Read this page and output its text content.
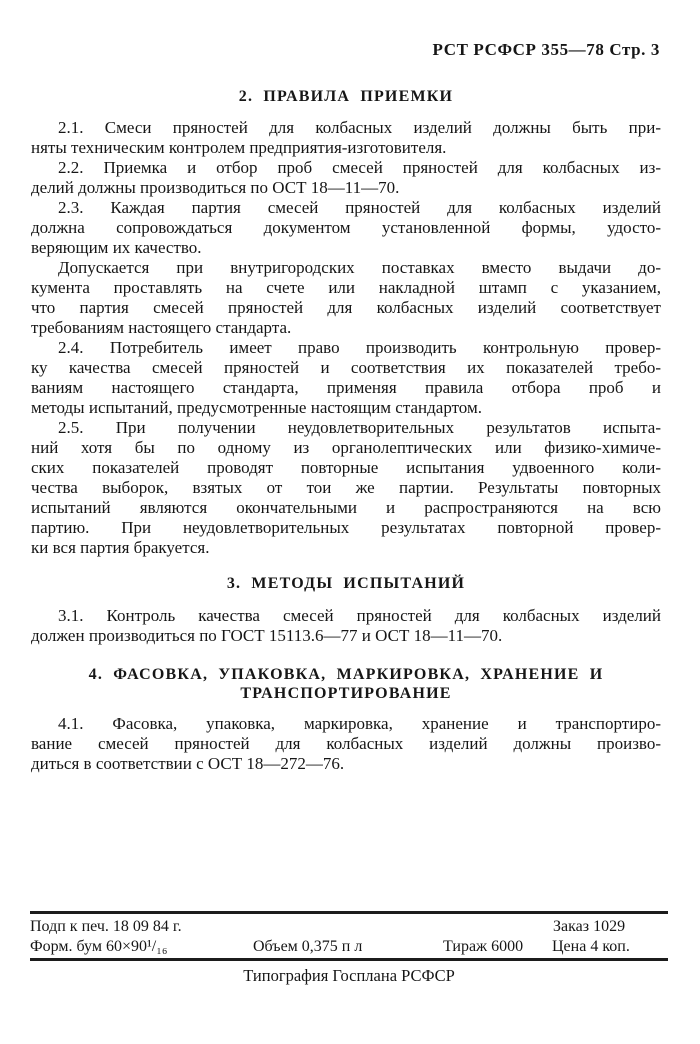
РСТ РСФСР 355—78 Стр. 3
2. ПРАВИЛА ПРИЕМКИ
2.1. Смеси пряностей для колбасных изделий должны быть при-
няты техническим контролем предприятия-изготовителя.
2.2. Приемка и отбор проб смесей пряностей для колбасных из-
делий должны производиться по ОСТ 18—11—70.
2.3. Каждая партия смесей пряностей для колбасных изделий
должна сопровождаться документом установленной формы, удосто-
веряющим их качество.
Допускается при внутригородских поставках вместо выдачи до-
кумента проставлять на счете или накладной штамп с указанием,
что партия смесей пряностей для колбасных изделий соответствует
требованиям настоящего стандарта.
2.4. Потребитель имеет право производить контрольную провер-
ку качества смесей пряностей и соответствия их показателей требо-
ваниям настоящего стандарта, применяя правила отбора проб и
методы испытаний, предусмотренные настоящим стандартом.
2.5. При получении неудовлетворительных результатов испыта-
ний хотя бы по одному из органолептических или физико-химиче-
ских показателей проводят повторные испытания удвоенного коли-
чества выборок, взятых от тои же партии. Результаты повторных
испытаний являются окончательными и распространяются на всю
партию. При неудовлетворительных результатах повторной провер-
ки вся партия бракуется.
3. МЕТОДЫ ИСПЫТАНИЙ
3.1. Контроль качества смесей пряностей для колбасных изделий
должен производиться по ГОСТ 15113.6—77 и ОСТ 18—11—70.
4. ФАСОВКА, УПАКОВКА, МАРКИРОВКА, ХРАНЕНИЕ И
ТРАНСПОРТИРОВАНИЕ
4.1. Фасовка, упаковка, маркировка, хранение и транспортиро-
вание смесей пряностей для колбасных изделий должны произво-
диться в соответствии с ОСТ 18—272—76.
Подп к печ. 18 09 84 г.	Заказ 1029
Форм. бум 60×90¹/₁₆	Объем 0,375 п л	Тираж 6000 Цена 4 коп.
Типография Госплана РСФСР
